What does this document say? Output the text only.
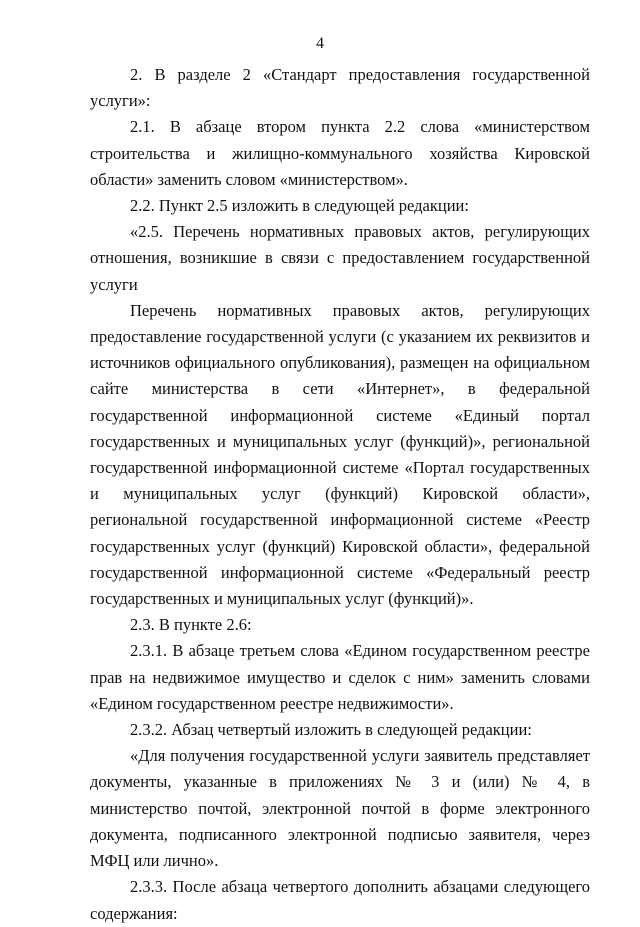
4

2. В разделе 2 «Стандарт предоставления государственной услуги»:

2.1. В абзаце втором пункта 2.2 слова «министерством строительства и жилищно-коммунального хозяйства Кировской области» заменить словом «министерством».

2.2. Пункт 2.5 изложить в следующей редакции:

«2.5. Перечень нормативных правовых актов, регулирующих отношения, возникшие в связи с предоставлением государственной услуги

Перечень нормативных правовых актов, регулирующих предоставление государственной услуги (с указанием их реквизитов и источников официального опубликования), размещен на официальном сайте министерства в сети «Интернет», в федеральной государственной информационной системе «Единый портал государственных и муниципальных услуг (функций)», региональной государственной информационной системе «Портал государственных и муниципальных услуг (функций) Кировской области», региональной государственной информационной системе «Реестр государственных услуг (функций) Кировской области», федеральной государственной информационной системе «Федеральный реестр государственных и муниципальных услуг (функций)».

2.3. В пункте 2.6:

2.3.1. В абзаце третьем слова «Едином государственном реестре прав на недвижимое имущество и сделок с ним» заменить словами «Едином государственном реестре недвижимости».

2.3.2. Абзац четвертый изложить в следующей редакции:

«Для получения государственной услуги заявитель представляет документы, указанные в приложениях № 3 и (или) № 4, в министерство почтой, электронной почтой в форме электронного документа, подписанного электронной подписью заявителя, через МФЦ или лично».

2.3.3. После абзаца четвертого дополнить абзацами следующего содержания:
